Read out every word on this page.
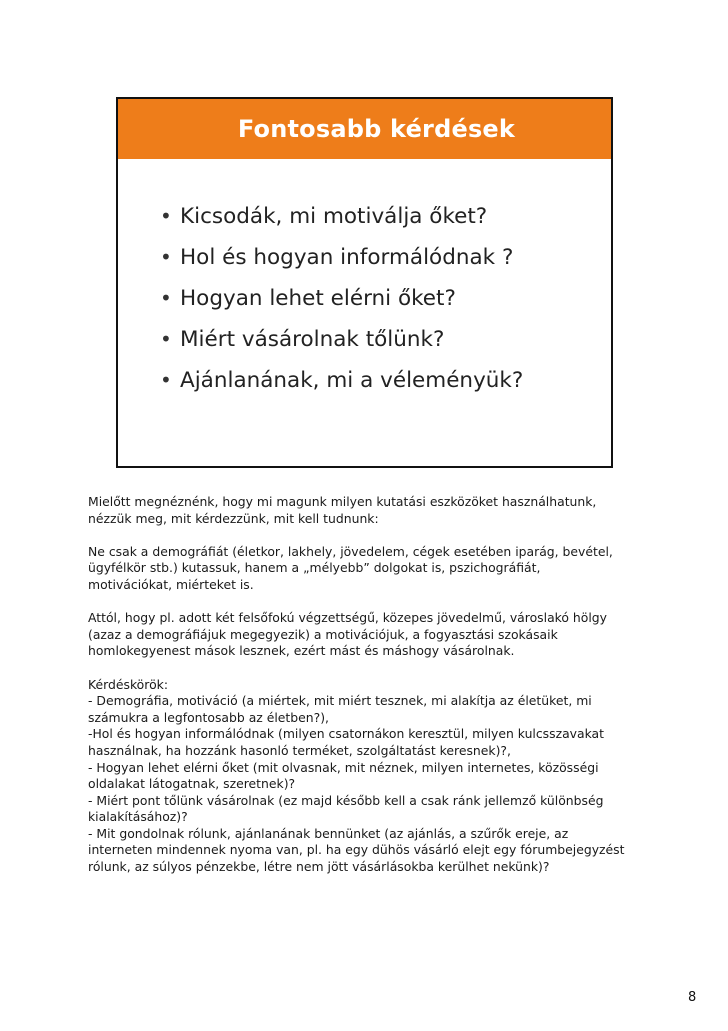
Fontosabb kérdések
• Kicsodák, mi motiválja őket?
• Hol és hogyan informálódnak ?
• Hogyan lehet elérni őket?
• Miért vásárolnak tőlünk?
• Ajánlanának, mi a véleményük?

Mielőtt megnéznénk, hogy mi magunk milyen kutatási eszközöket használhatunk,
nézzük meg, mit kérdezzünk, mit kell tudnunk:

Ne csak a demográfiát (életkor, lakhely, jövedelem, cégek esetében iparág, bevétel,
ügyfélkör stb.) kutassuk, hanem a „mélyebb” dolgokat is, pszichográfiát,
motivációkat, miérteket is.

Attól, hogy pl. adott két felsőfokú végzettségű, közepes jövedelmű, városlakó hölgy
(azaz a demográfiájuk megegyezik) a motivációjuk, a fogyasztási szokásaik
homlokegyenest mások lesznek, ezért mást és máshogy vásárolnak.

Kérdéskörök:

- Demográfia, motiváció (a miértek, mit miért tesznek, mi alakítja az életüket, mi
számukra a legfontosabb az életben?),

-Hol és hogyan informálódnak (milyen csatornákon keresztül, milyen kulcsszavakat
használnak, ha hozzánk hasonló terméket, szolgáltatást keresnek)?,

- Hogyan lehet elérni őket (mit olvasnak, mit néznek, milyen internetes, közösségi
oldalakat látogatnak, szeretnek)?

- Miért pont tőlünk vásárolnak (ez majd később kell a csak ránk jellemző különbség
kialakításához)?

- Mit gondolnak rólunk, ajánlanának bennünket (az ajánlás, a szűrők ereje, az
interneten mindennek nyoma van, pl. ha egy dühös vásárló elejt egy fórumbejegyzést
rólunk, az súlyos pénzekbe, létre nem jött vásárlásokba kerülhet nekünk)?

8
